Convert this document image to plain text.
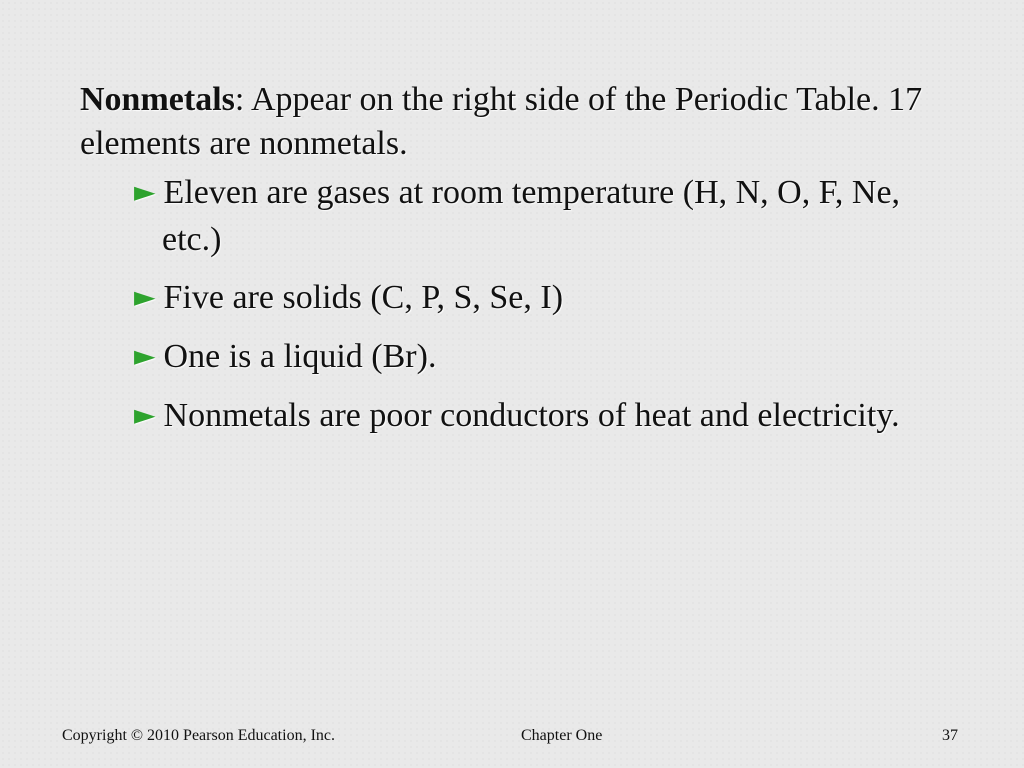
Nonmetals: Appear on the right side of the Periodic Table. 17 elements are nonmetals.

► Eleven are gases at room temperature (H, N, O, F, Ne, etc.)
► Five are solids (C, P, S, Se, I)
► One is a liquid (Br).
► Nonmetals are poor conductors of heat and electricity.
Copyright © 2010 Pearson Education, Inc.	Chapter One	37
